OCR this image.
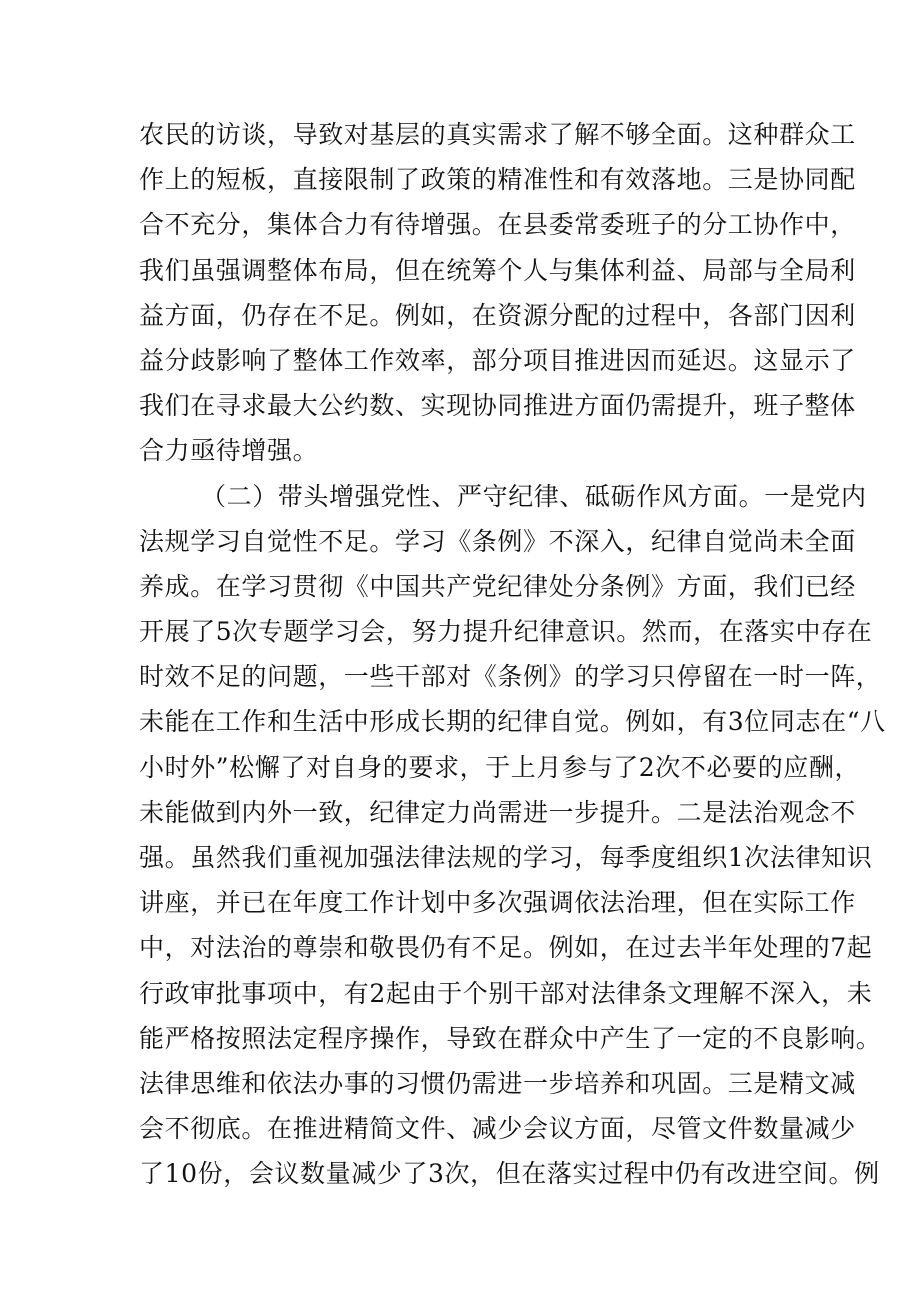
农民的访谈，导致对基层的真实需求了解不够全面。这种群众工
作上的短板，直接限制了政策的精准性和有效落地。三是协同配
合不充分，集体合力有待增强。在县委常委班子的分工协作中，
我们虽强调整体布局，但在统筹个人与集体利益、局部与全局利
益方面，仍存在不足。例如，在资源分配的过程中，各部门因利
益分歧影响了整体工作效率，部分项目推进因而延迟。这显示了
我们在寻求最大公约数、实现协同推进方面仍需提升，班子整体
合力亟待增强。
（二）带头增强党性、严守纪律、砥砺作风方面。一是党内
法规学习自觉性不足。学习《条例》不深入，纪律自觉尚未全面
养成。在学习贯彻《中国共产党纪律处分条例》方面，我们已经
开展了5次专题学习会，努力提升纪律意识。然而，在落实中存在
时效不足的问题，一些干部对《条例》的学习只停留在一时一阵，
未能在工作和生活中形成长期的纪律自觉。例如，有3位同志在“八
小时外”松懈了对自身的要求，于上月参与了2次不必要的应酬，
未能做到内外一致，纪律定力尚需进一步提升。二是法治观念不
强。虽然我们重视加强法律法规的学习，每季度组织1次法律知识
讲座，并已在年度工作计划中多次强调依法治理，但在实际工作
中，对法治的尊崇和敬畏仍有不足。例如，在过去半年处理的7起
行政审批事项中，有2起由于个别干部对法律条文理解不深入，未
能严格按照法定程序操作，导致在群众中产生了一定的不良影响。
法律思维和依法办事的习惯仍需进一步培养和巩固。三是精文减
会不彻底。在推进精简文件、减少会议方面，尽管文件数量减少
了10份，会议数量减少了3次，但在落实过程中仍有改进空间。例
